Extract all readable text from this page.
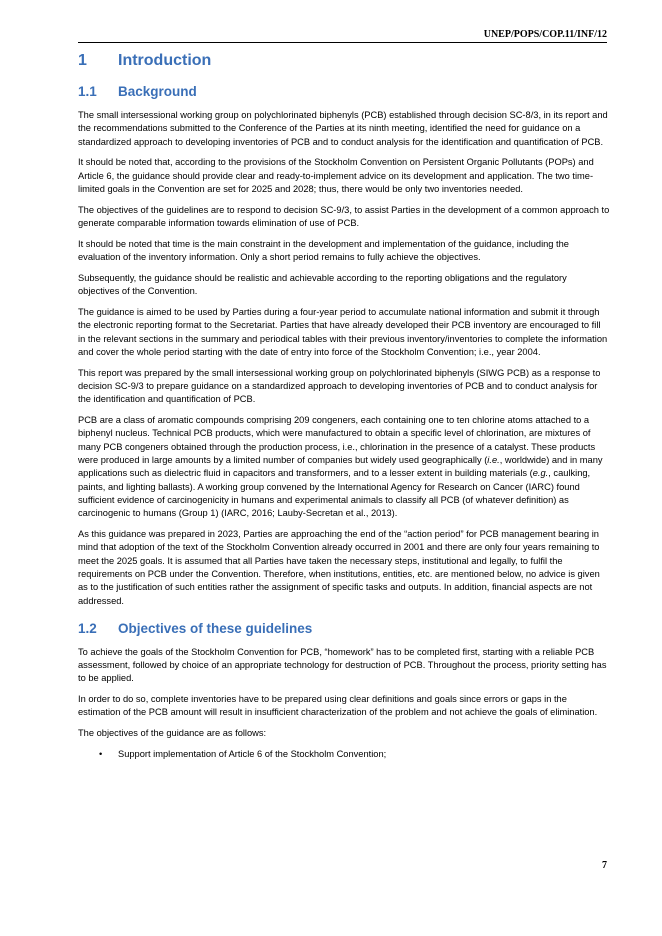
UNEP/POPS/COP.11/INF/12
1 Introduction
1.1 Background

The small intersessional working group on polychlorinated biphenyls (PCB) established through decision SC-8/3, in its report and the recommendations submitted to the Conference of the Parties at its ninth meeting, identified the need for guidance on a standardized approach to developing inventories of PCB and to conduct analysis for the identification and quantification of PCB.

It should be noted that, according to the provisions of the Stockholm Convention on Persistent Organic Pollutants (POPs) and Article 6, the guidance should provide clear and ready-to-implement advice on its development and application. The two time-limited goals in the Convention are set for 2025 and 2028; thus, there would be only two inventories needed.

The objectives of the guidelines are to respond to decision SC-9/3, to assist Parties in the development of a common approach to generate comparable information towards elimination of use of PCB.

It should be noted that time is the main constraint in the development and implementation of the guidance, including the evaluation of the inventory information. Only a short period remains to fully achieve the objectives.

Subsequently, the guidance should be realistic and achievable according to the reporting obligations and the regulatory objectives of the Convention.

The guidance is aimed to be used by Parties during a four-year period to accumulate national information and submit it through the electronic reporting format to the Secretariat. Parties that have already developed their PCB inventory are encouraged to fill in the relevant sections in the summary and periodical tables with their previous inventory/inventories to complete the information and cover the whole period starting with the date of entry into force of the Stockholm Convention; i.e., year 2004.

This report was prepared by the small intersessional working group on polychlorinated biphenyls (SIWG PCB) as a response to decision SC-9/3 to prepare guidance on a standardized approach to developing inventories of PCB and to conduct analysis for the identification and quantification of PCB.

PCB are a class of aromatic compounds comprising 209 congeners, each containing one to ten chlorine atoms attached to a biphenyl nucleus. Technical PCB products, which were manufactured to obtain a specific level of chlorination, are mixtures of many PCB congeners obtained through the production process, i.e., chlorination in the presence of a catalyst. These products were produced in large amounts by a limited number of companies but widely used geographically (i.e., worldwide) and in many applications such as dielectric fluid in capacitors and transformers, and to a lesser extent in building materials (e.g., caulking, paints, and lighting ballasts). A working group convened by the International Agency for Research on Cancer (IARC) found sufficient evidence of carcinogenicity in humans and experimental animals to classify all PCB (of whatever definition) as carcinogenic to humans (Group 1) (IARC, 2016; Lauby-Secretan et al., 2013).

As this guidance was prepared in 2023, Parties are approaching the end of the “action period” for PCB management bearing in mind that adoption of the text of the Stockholm Convention already occurred in 2001 and there are only four years remaining to meet the 2025 goals. It is assumed that all Parties have taken the necessary steps, institutional and legally, to fulfil the requirements on PCB under the Convention. Therefore, when institutions, entities, etc. are mentioned below, no advice is given as to the justification of such entities rather the assignment of specific tasks and outputs. In addition, financial aspects are not addressed.

1.2 Objectives of these guidelines

To achieve the goals of the Stockholm Convention for PCB, “homework” has to be completed first, starting with a reliable PCB assessment, followed by choice of an appropriate technology for destruction of PCB. Throughout the process, priority setting has to be applied.

In order to do so, complete inventories have to be prepared using clear definitions and goals since errors or gaps in the estimation of the PCB amount will result in insufficient characterization of the problem and not achieve the goals of elimination.

The objectives of the guidance are as follows:

• Support implementation of Article 6 of the Stockholm Convention;
7
